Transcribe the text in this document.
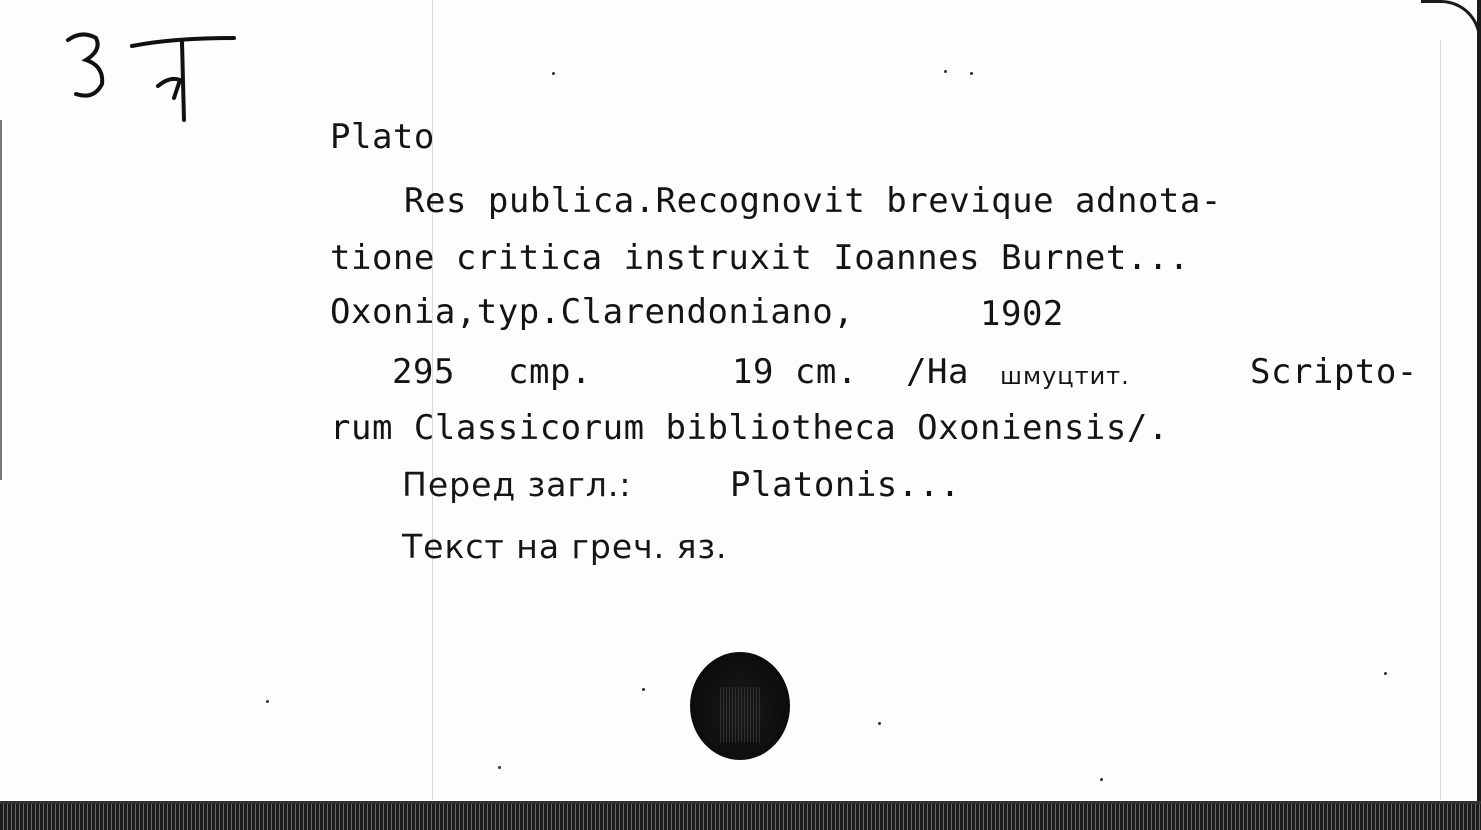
Plato
Res publica.Recognovit brevique adnota-
tione critica instruxit Ioannes Burnet...
Oxonia,typ.Clarendoniano,	1902
295 cmp.	19 cm. /На шмуцтит.	Scripto-
rum Classicorum bibliotheca Oxoniensis/.
Перед загл.:	Platonis...
Текст на греч. яз.
